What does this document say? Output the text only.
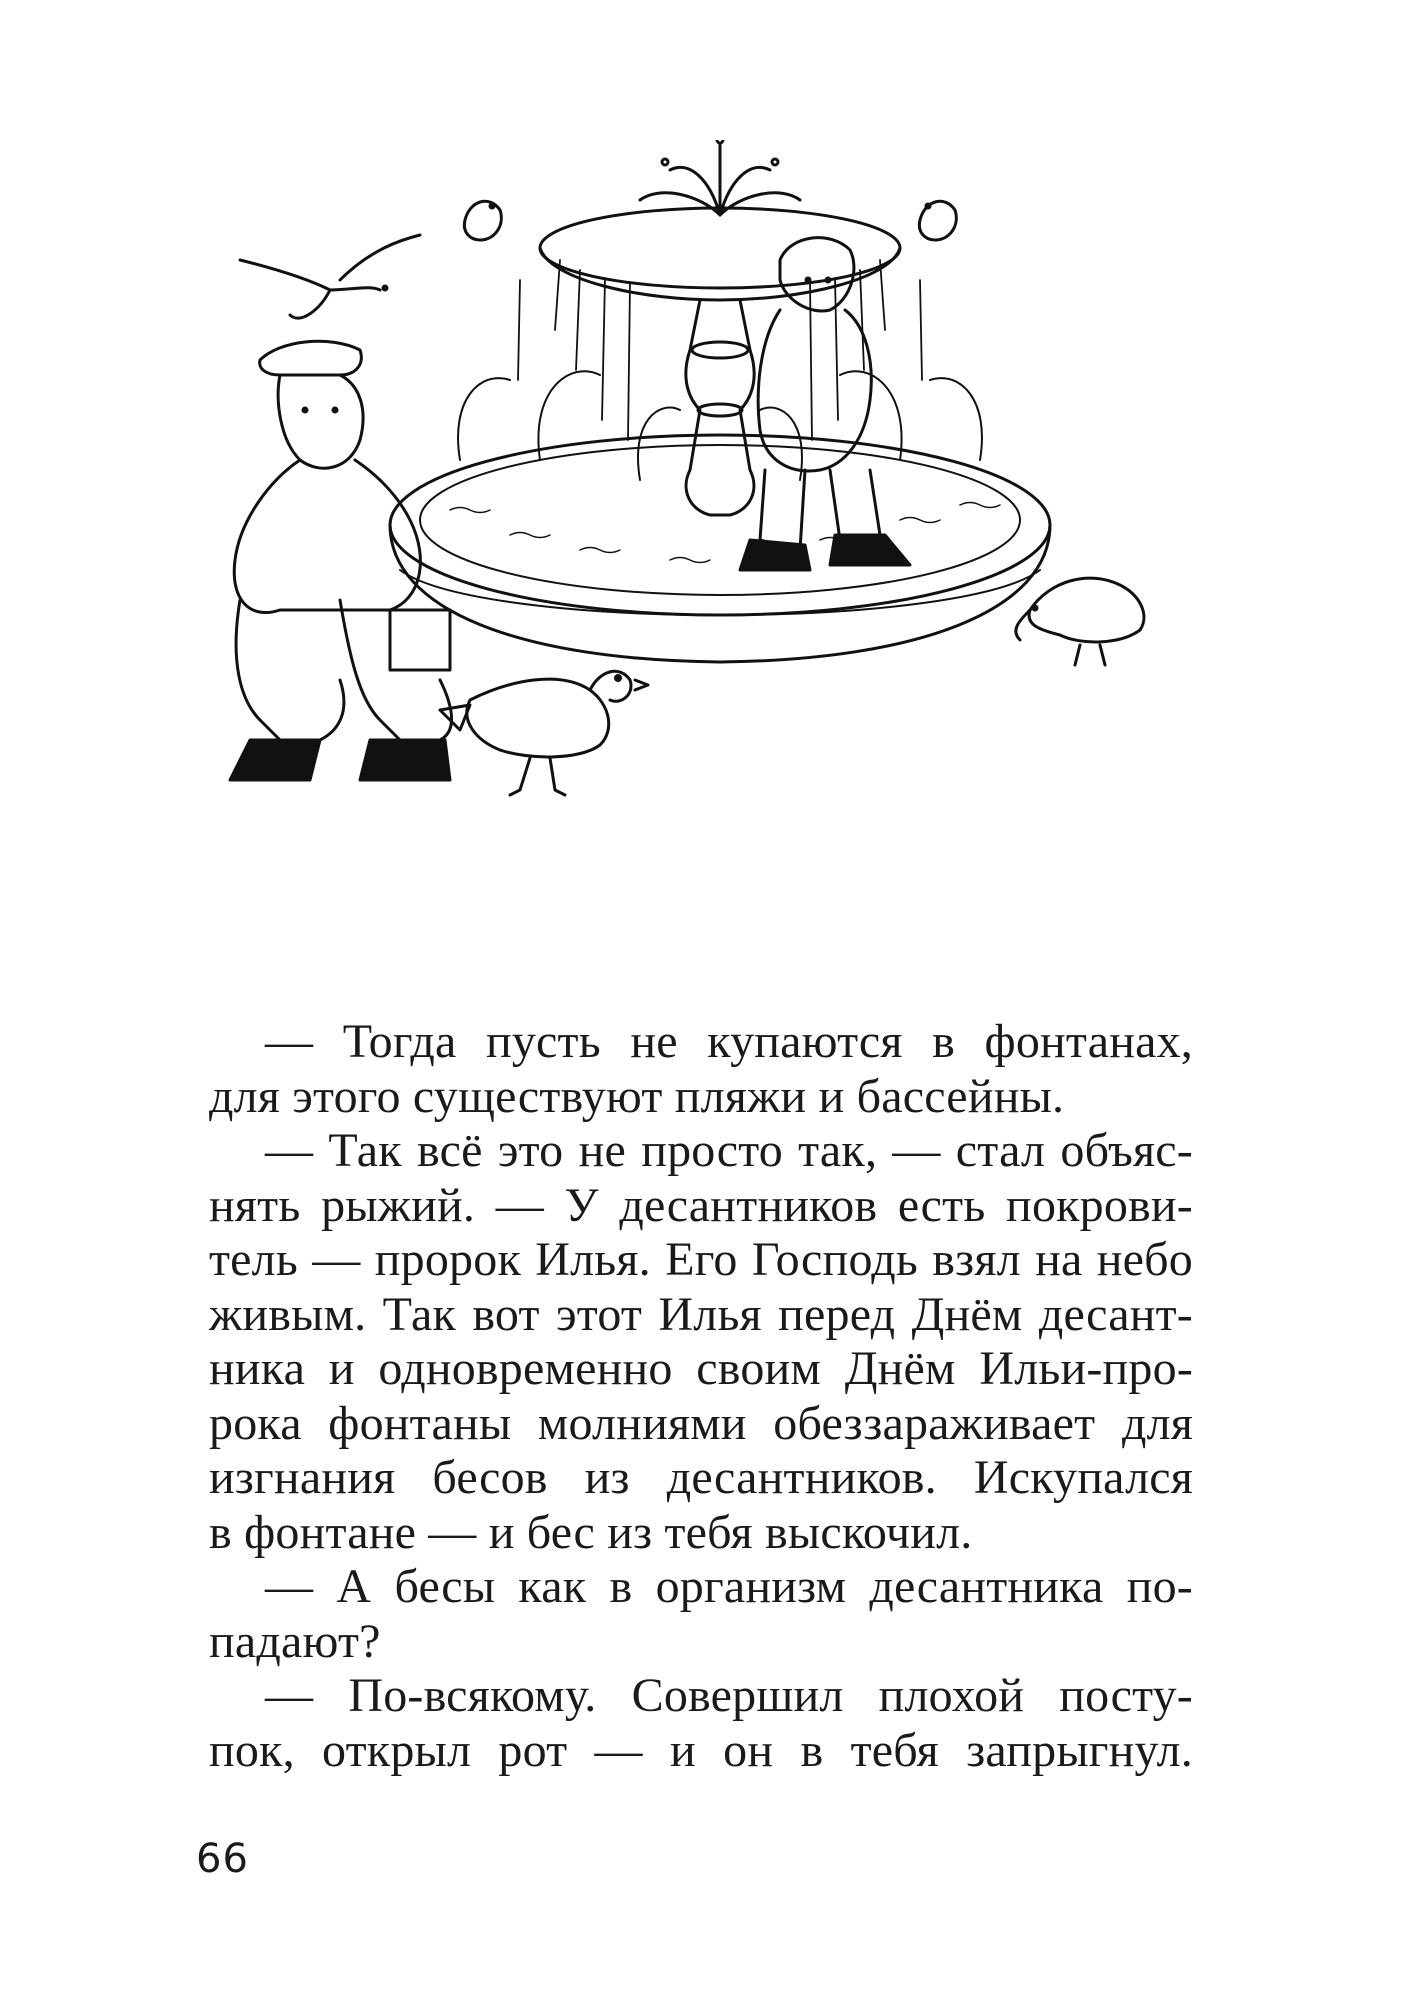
— Тогда пусть не купаются в фонтанах,
для этого существуют пляжи и бассейны.
— Так всё это не просто так, — стал объяс-
нять рыжий. — У десантников есть покрови-
тель — пророк Илья. Его Господь взял на небо
живым. Так вот этот Илья перед Днём десант-
ника и одновременно своим Днём Ильи-про-
рока фонтаны молниями обеззараживает для
изгнания бесов из десантников. Искупался
в фонтане — и бес из тебя выскочил.
— А бесы как в организм десантника по-
падают?
— По-всякому. Совершил плохой посту-
пок, открыл рот — и он в тебя запрыгнул.
66
